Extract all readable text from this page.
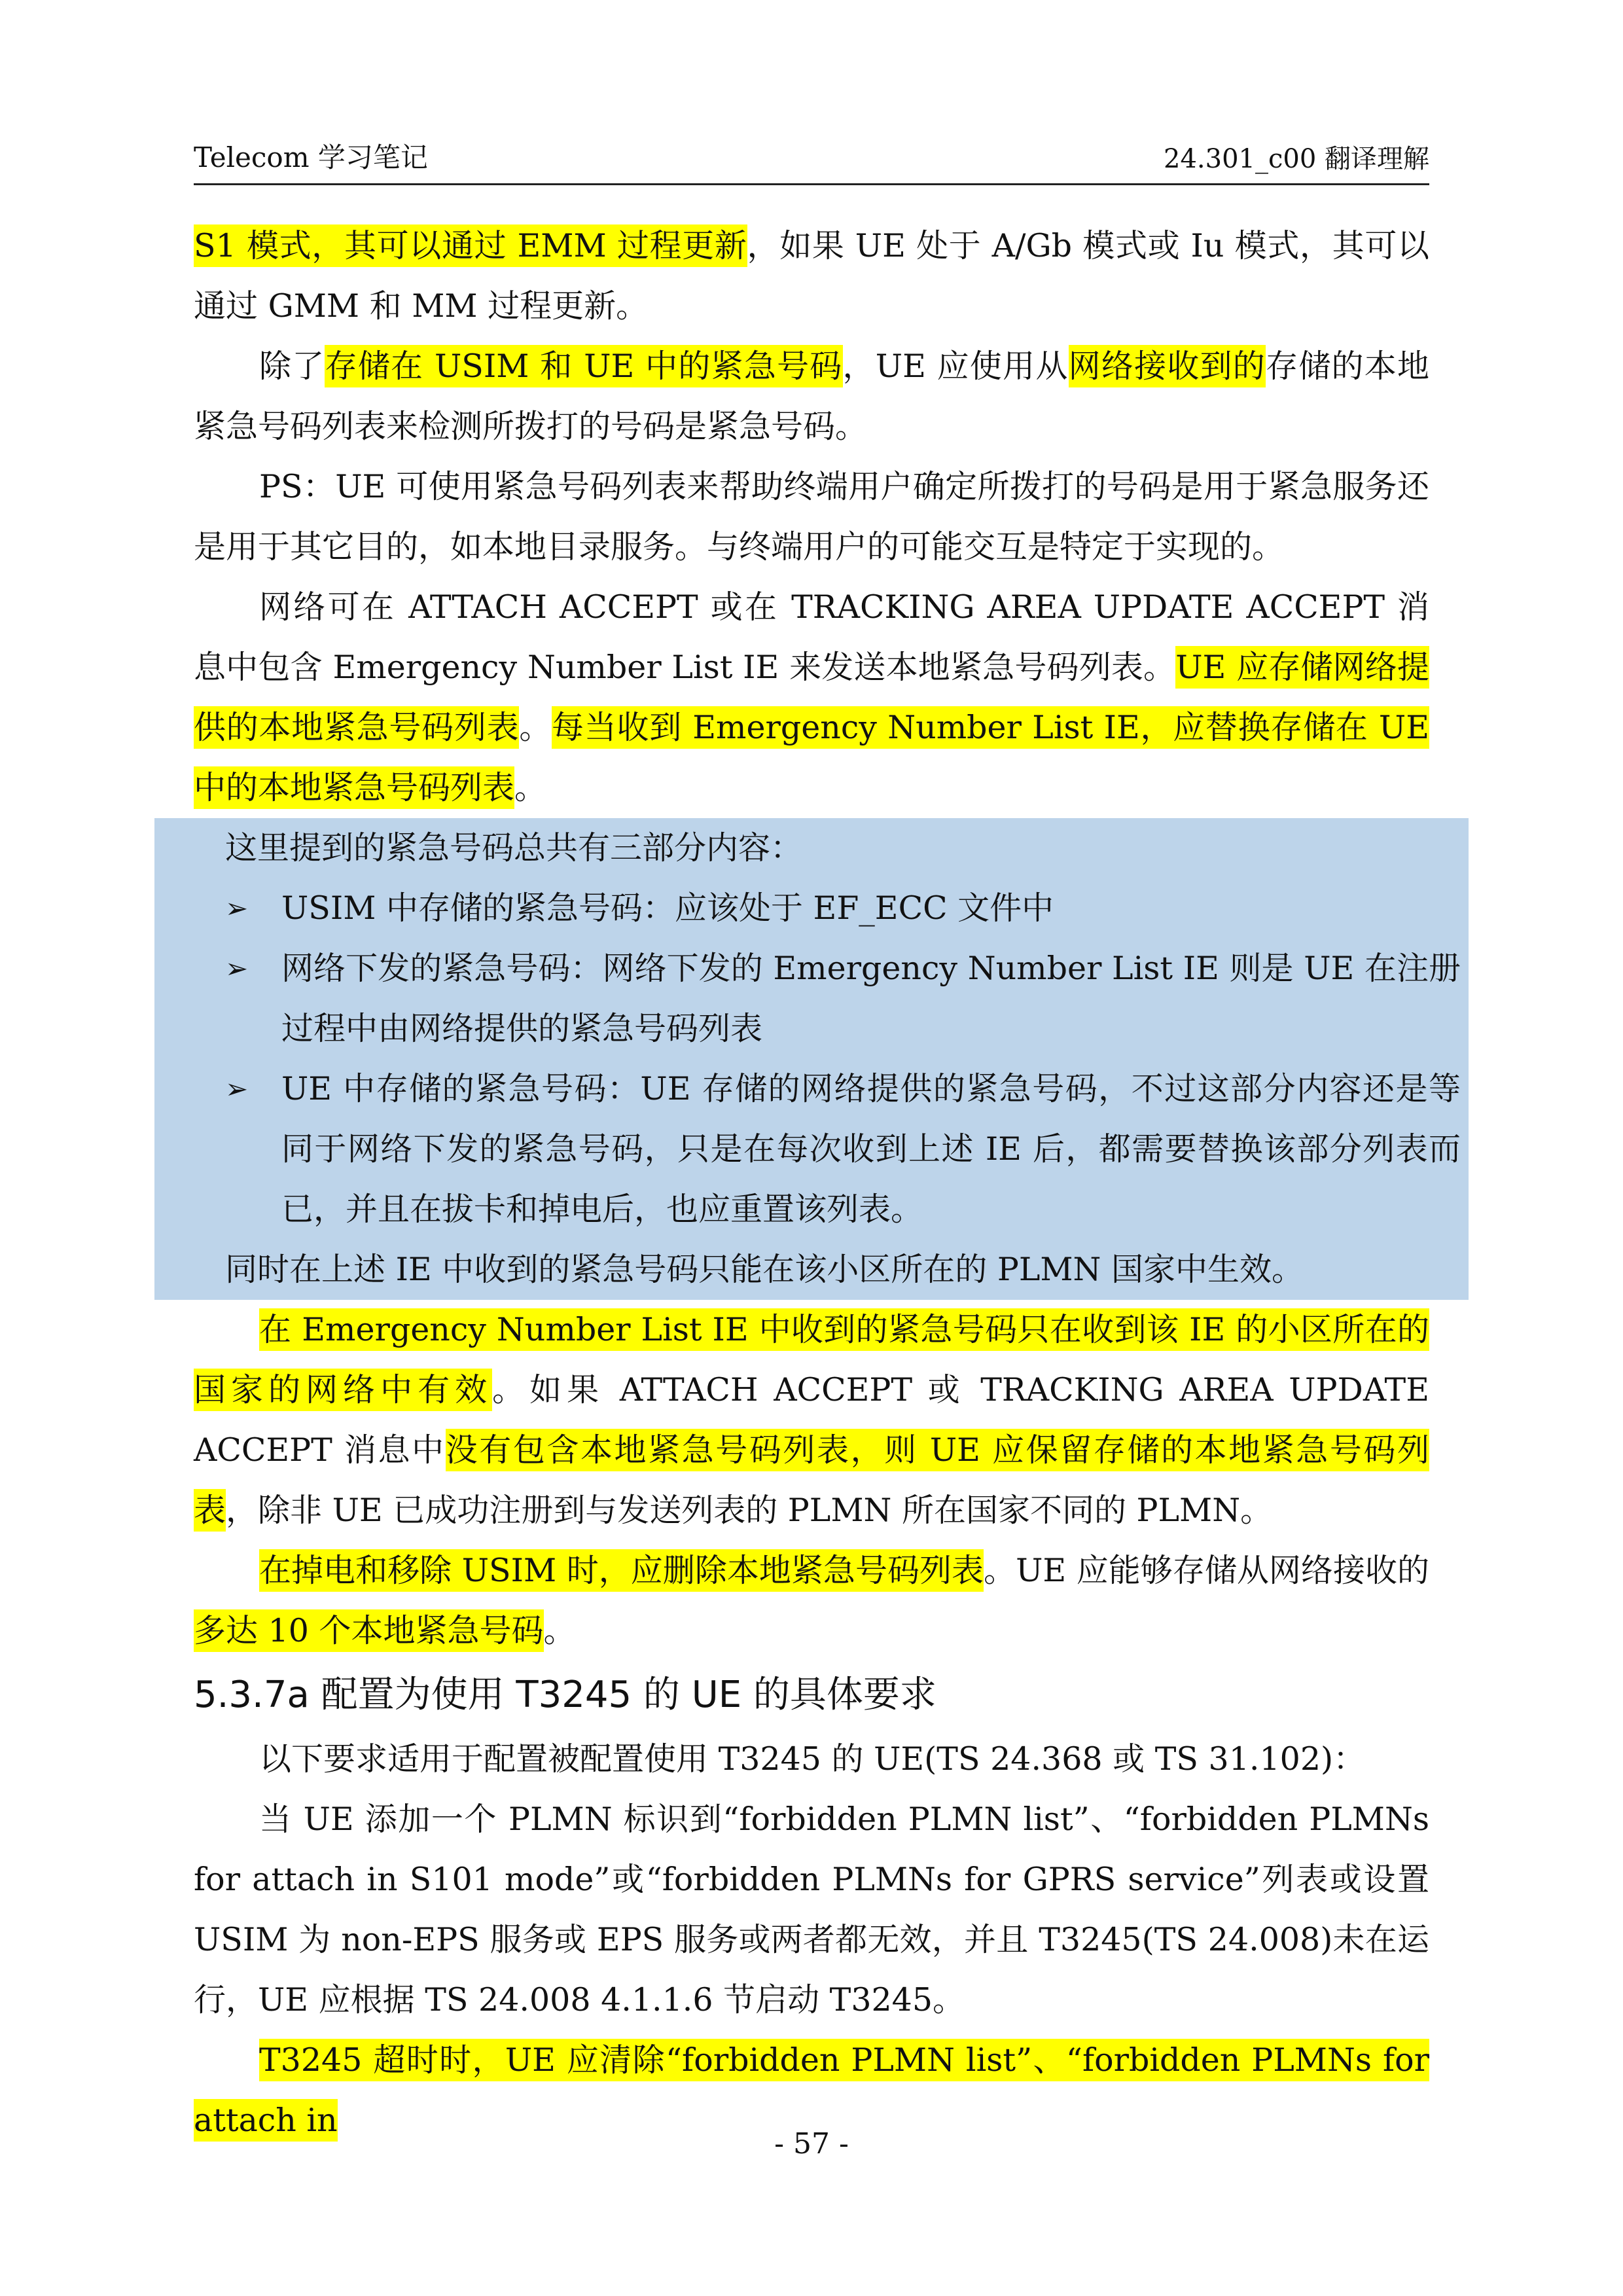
Telecom 学习笔记	24.301_c00 翻译理解

S1 模式，其可以通过 EMM 过程更新，如果 UE 处于 A/Gb 模式或 Iu 模式，其可以通过 GMM 和 MM 过程更新。

除了存储在 USIM 和 UE 中的紧急号码，UE 应使用从网络接收到的存储的本地紧急号码列表来检测所拨打的号码是紧急号码。

PS：UE 可使用紧急号码列表来帮助终端用户确定所拨打的号码是用于紧急服务还是用于其它目的，如本地目录服务。与终端用户的可能交互是特定于实现的。

网络可在 ATTACH ACCEPT 或在 TRACKING AREA UPDATE ACCEPT 消息中包含 Emergency Number List IE 来发送本地紧急号码列表。UE 应存储网络提供的本地紧急号码列表。每当收到 Emergency Number List IE，应替换存储在 UE 中的本地紧急号码列表。

这里提到的紧急号码总共有三部分内容：

➢ USIM 中存储的紧急号码：应该处于 EF_ECC 文件中

➢ 网络下发的紧急号码：网络下发的 Emergency Number List IE 则是 UE 在注册过程中由网络提供的紧急号码列表

➢ UE 中存储的紧急号码：UE 存储的网络提供的紧急号码，不过这部分内容还是等同于网络下发的紧急号码，只是在每次收到上述 IE 后，都需要替换该部分列表而已，并且在拔卡和掉电后，也应重置该列表。

同时在上述 IE 中收到的紧急号码只能在该小区所在的 PLMN 国家中生效。

在 Emergency Number List IE 中收到的紧急号码只在收到该 IE 的小区所在的国家的网络中有效。如果 ATTACH ACCEPT 或 TRACKING AREA UPDATE ACCEPT 消息中没有包含本地紧急号码列表，则 UE 应保留存储的本地紧急号码列表，除非 UE 已成功注册到与发送列表的 PLMN 所在国家不同的 PLMN。

在掉电和移除 USIM 时，应删除本地紧急号码列表。UE 应能够存储从网络接收的多达 10 个本地紧急号码。

5.3.7a 配置为使用 T3245 的 UE 的具体要求

以下要求适用于配置被配置使用 T3245 的 UE(TS 24.368 或 TS 31.102)：

当 UE 添加一个 PLMN 标识到“forbidden PLMN list”、“forbidden PLMNs for attach in S101 mode”或“forbidden PLMNs for GPRS service”列表或设置 USIM 为 non-EPS 服务或 EPS 服务或两者都无效，并且 T3245(TS 24.008)未在运行，UE 应根据 TS 24.008 4.1.1.6 节启动 T3245。

T3245 超时时，UE 应清除“forbidden PLMN list”、“forbidden PLMNs for attach in

- 57 -
